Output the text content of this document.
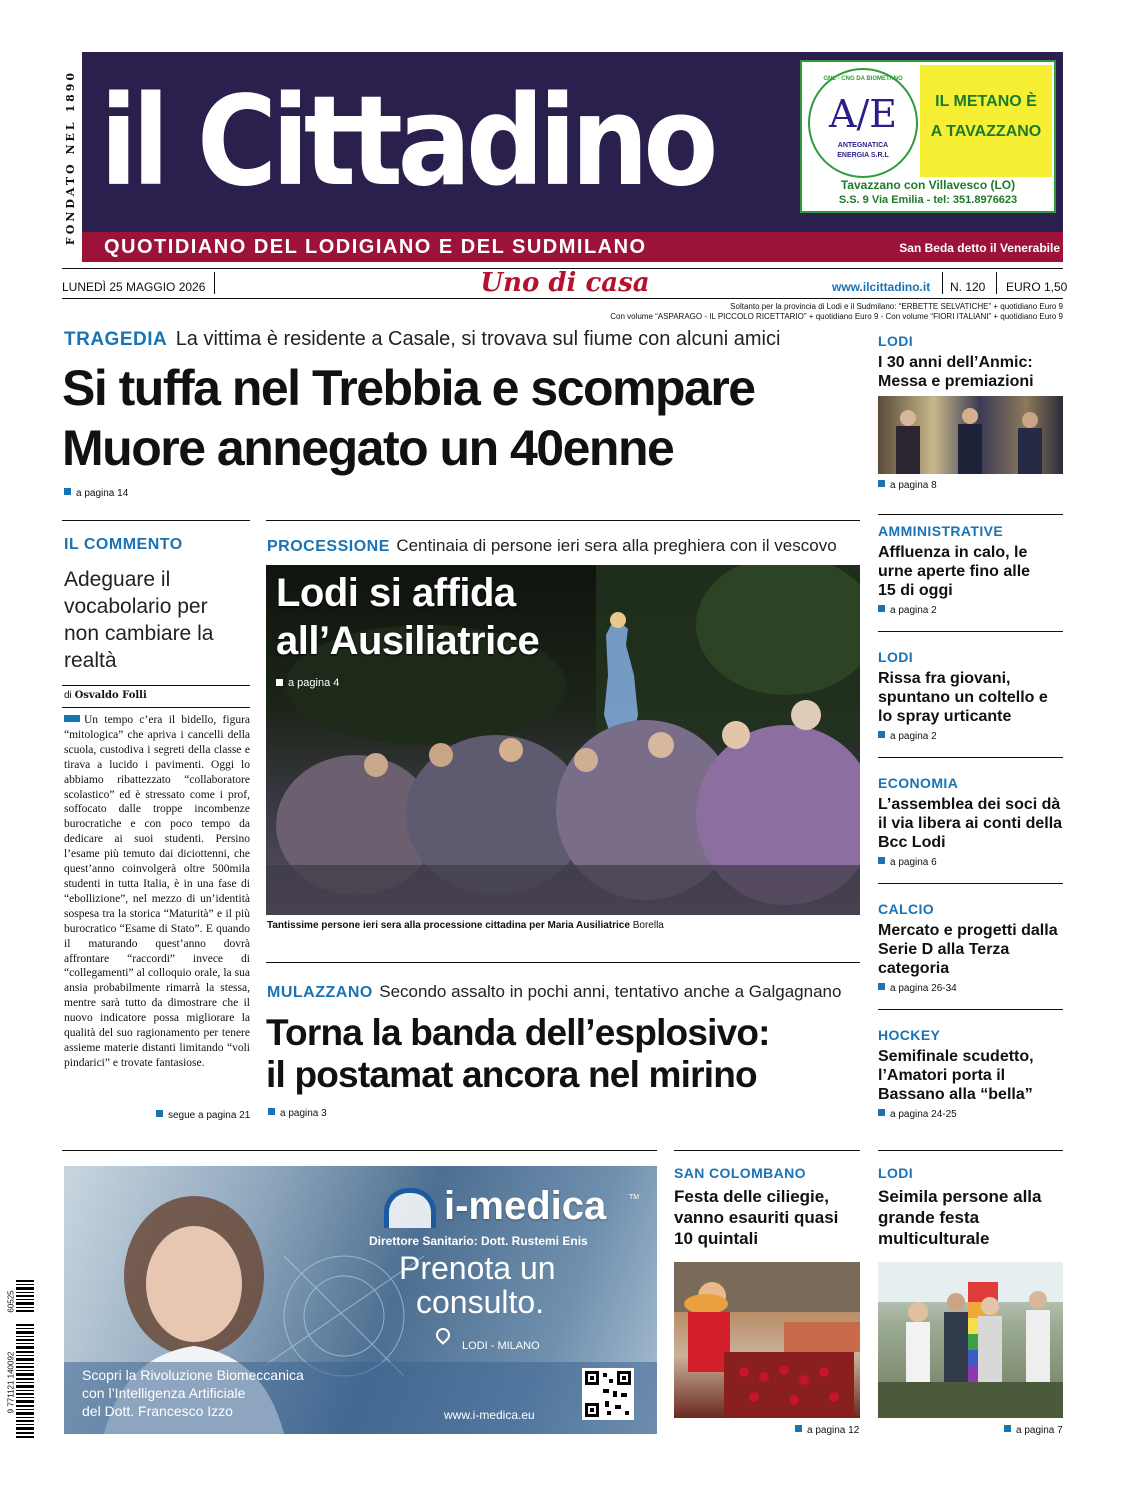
FONDATO NEL 1890 il Cittadino	GNL - CNG DA BIOMETANO
A/E
ANTEGNATICA
ENERGIA S.R.L
IL METANO È
A TAVAZZANO
Tavazzano con Villavesco (LO)
S.S. 9 Via Emilia - tel: 351.8976623
QUOTIDIANO DEL LODIGIANO E DEL SUDMILANO	San Beda detto il Venerabile
LUNEDÌ 25 MAGGIO 2026	Uno di casa	www.ilcittadino.it N. 120 EURO 1,50
Soltanto per la provincia di Lodi e il Sudmilano: “ERBETTE SELVATICHE” + quotidiano Euro 9
Con volume “ASPARAGO - IL PICCOLO RICETTARIO” + quotidiano Euro 9 - Con volume “FIORI ITALIANI” + quotidiano Euro 9
TRAGEDIA La vittima è residente a Casale, si trovava sul fiume con alcuni amici
Si tuffa nel Trebbia e scompare
Muore annegato un 40enne
a pagina 14
IL COMMENTO
Adeguare il vocabolario per non cambiare la realtà
di Osvaldo Folli
Un tempo c’era il bidello, figura “mitologica” che apriva i cancelli della scuola, custodiva i segreti della classe e tirava a lucido i pavimenti. Oggi lo abbiamo ribattezzato “collaboratore scolastico” ed è stressato come i prof, soffocato dalle troppe incombenze burocratiche e con poco tempo da dedicare ai suoi studenti. Persino l’esame più temuto dai diciottenni, che quest’anno coinvolgerà oltre 500mila studenti in tutta Italia, è in una fase di “ebollizione”, nel mezzo di un’identità sospesa tra la storica “Maturità” e il più burocratico “Esame di Stato”. E quando il maturando quest’anno dovrà affrontare “raccordi” invece di “collegamenti” al colloquio orale, la sua ansia probabilmente rimarrà la stessa, mentre sarà tutto da dimostrare che il nuovo indicatore possa migliorare la qualità del suo ragionamento per tenere assieme materie distanti limitando “voli pindarici” e trovate fantasiose.
segue a pagina 21
PROCESSIONE Centinaia di persone ieri sera alla preghiera con il vescovo
Lodi si affida
all’Ausiliatrice
a pagina 4
Tantissime persone ieri sera alla processione cittadina per Maria Ausiliatrice Borella
MULAZZANO Secondo assalto in pochi anni, tentativo anche a Galgagnano
Torna la banda dell’esplosivo:
il postamat ancora nel mirino
a pagina 3
LODI
I 30 anni dell’Anmic: Messa e premiazioni
a pagina 8
AMMINISTRATIVE
Affluenza in calo, le urne aperte fino alle 15 di oggi
a pagina 2
LODI
Rissa fra giovani, spuntano un coltello e lo spray urticante
a pagina 2
ECONOMIA
L’assemblea dei soci dà il via libera ai conti della Bcc Lodi
a pagina 6
CALCIO
Mercato e progetti dalla Serie D alla Terza categoria
a pagina 26-34
HOCKEY
Semifinale scudetto, l’Amatori porta il Bassano alla “bella”
a pagina 24-25
SAN COLOMBANO
Festa delle ciliegie, vanno esauriti quasi 10 quintali
a pagina 12
LODI
Seimila persone alla grande festa multiculturale
a pagina 7
i-medica	TM
Direttore Sanitario: Dott. Rustemi Enis
Prenota un
consulto.
LODI - MILANO
Scopri la Rivoluzione Biomeccanica
con l’Intelligenza Artificiale
del Dott. Francesco Izzo	www.i-medica.eu
60525
9 771121 140092
